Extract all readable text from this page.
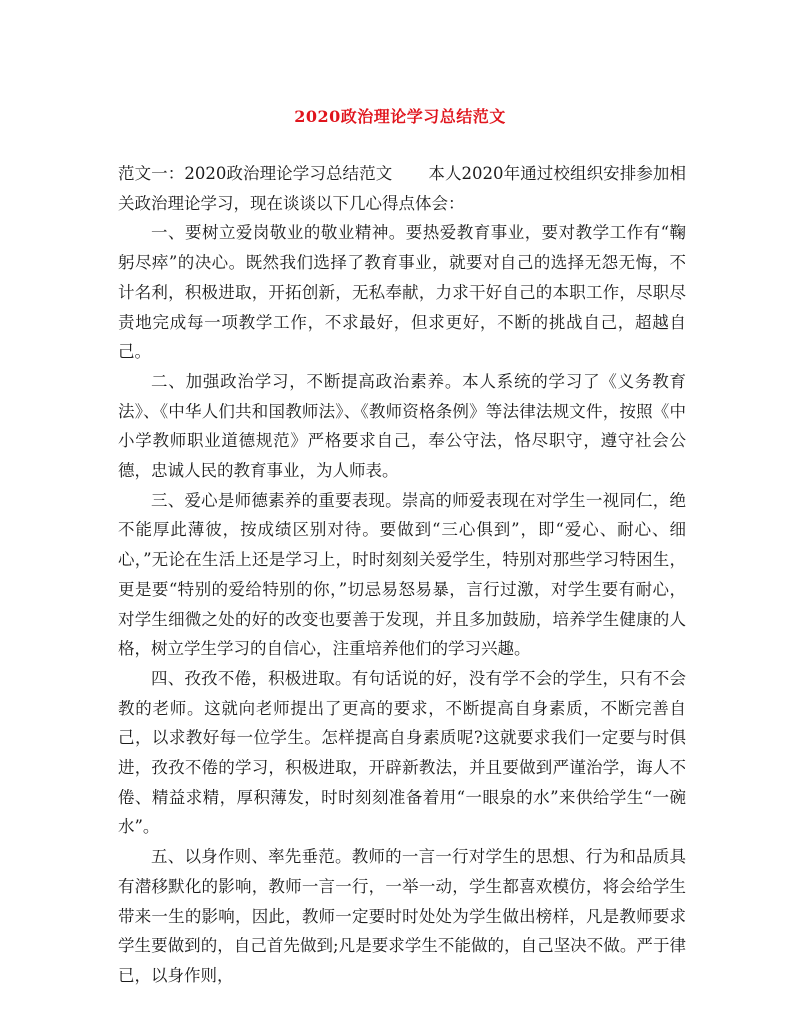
2020政治理论学习总结范文

范文一：2020政治理论学习总结范文 本人2020年通过校组织安排参加相关政治理论学习，现在谈谈以下几心得点体会：

一、要树立爱岗敬业的敬业精神。要热爱教育事业，要对教学工作有“鞠躬尽瘁”的决心。既然我们选择了教育事业，就要对自己的选择无怨无悔，不计名利，积极进取，开拓创新，无私奉献，力求干好自己的本职工作，尽职尽责地完成每一项教学工作，不求最好，但求更好，不断的挑战自己，超越自己。

二、加强政治学习，不断提高政治素养。本人系统的学习了《义务教育法》、《中华人们共和国教师法》、《教师资格条例》等法律法规文件，按照《中小学教师职业道德规范》严格要求自己，奉公守法，恪尽职守，遵守社会公德，忠诚人民的教育事业，为人师表。

三、爱心是师德素养的重要表现。崇高的师爱表现在对学生一视同仁，绝不能厚此薄彼，按成绩区别对待。要做到“三心俱到”，即“爱心、耐心、细心，”无论在生活上还是学习上，时时刻刻关爱学生，特别对那些学习特困生，更是要“特别的爱给特别的你，”切忌易怒易暴，言行过激，对学生要有耐心，对学生细微之处的好的改变也要善于发现，并且多加鼓励，培养学生健康的人格，树立学生学习的自信心，注重培养他们的学习兴趣。

四、孜孜不倦，积极进取。有句话说的好，没有学不会的学生，只有不会教的老师。这就向老师提出了更高的要求，不断提高自身素质，不断完善自己，以求教好每一位学生。怎样提高自身素质呢?这就要求我们一定要与时俱进，孜孜不倦的学习，积极进取，开辟新教法，并且要做到严谨治学，诲人不倦、精益求精，厚积薄发，时时刻刻准备着用“一眼泉的水”来供给学生“一碗水”。

五、以身作则、率先垂范。教师的一言一行对学生的思想、行为和品质具有潜移默化的影响，教师一言一行，一举一动，学生都喜欢模仿，将会给学生带来一生的影响，因此，教师一定要时时处处为学生做出榜样，凡是教师要求学生要做到的，自己首先做到;凡是要求学生不能做的，自己坚决不做。严于律已，以身作则，
